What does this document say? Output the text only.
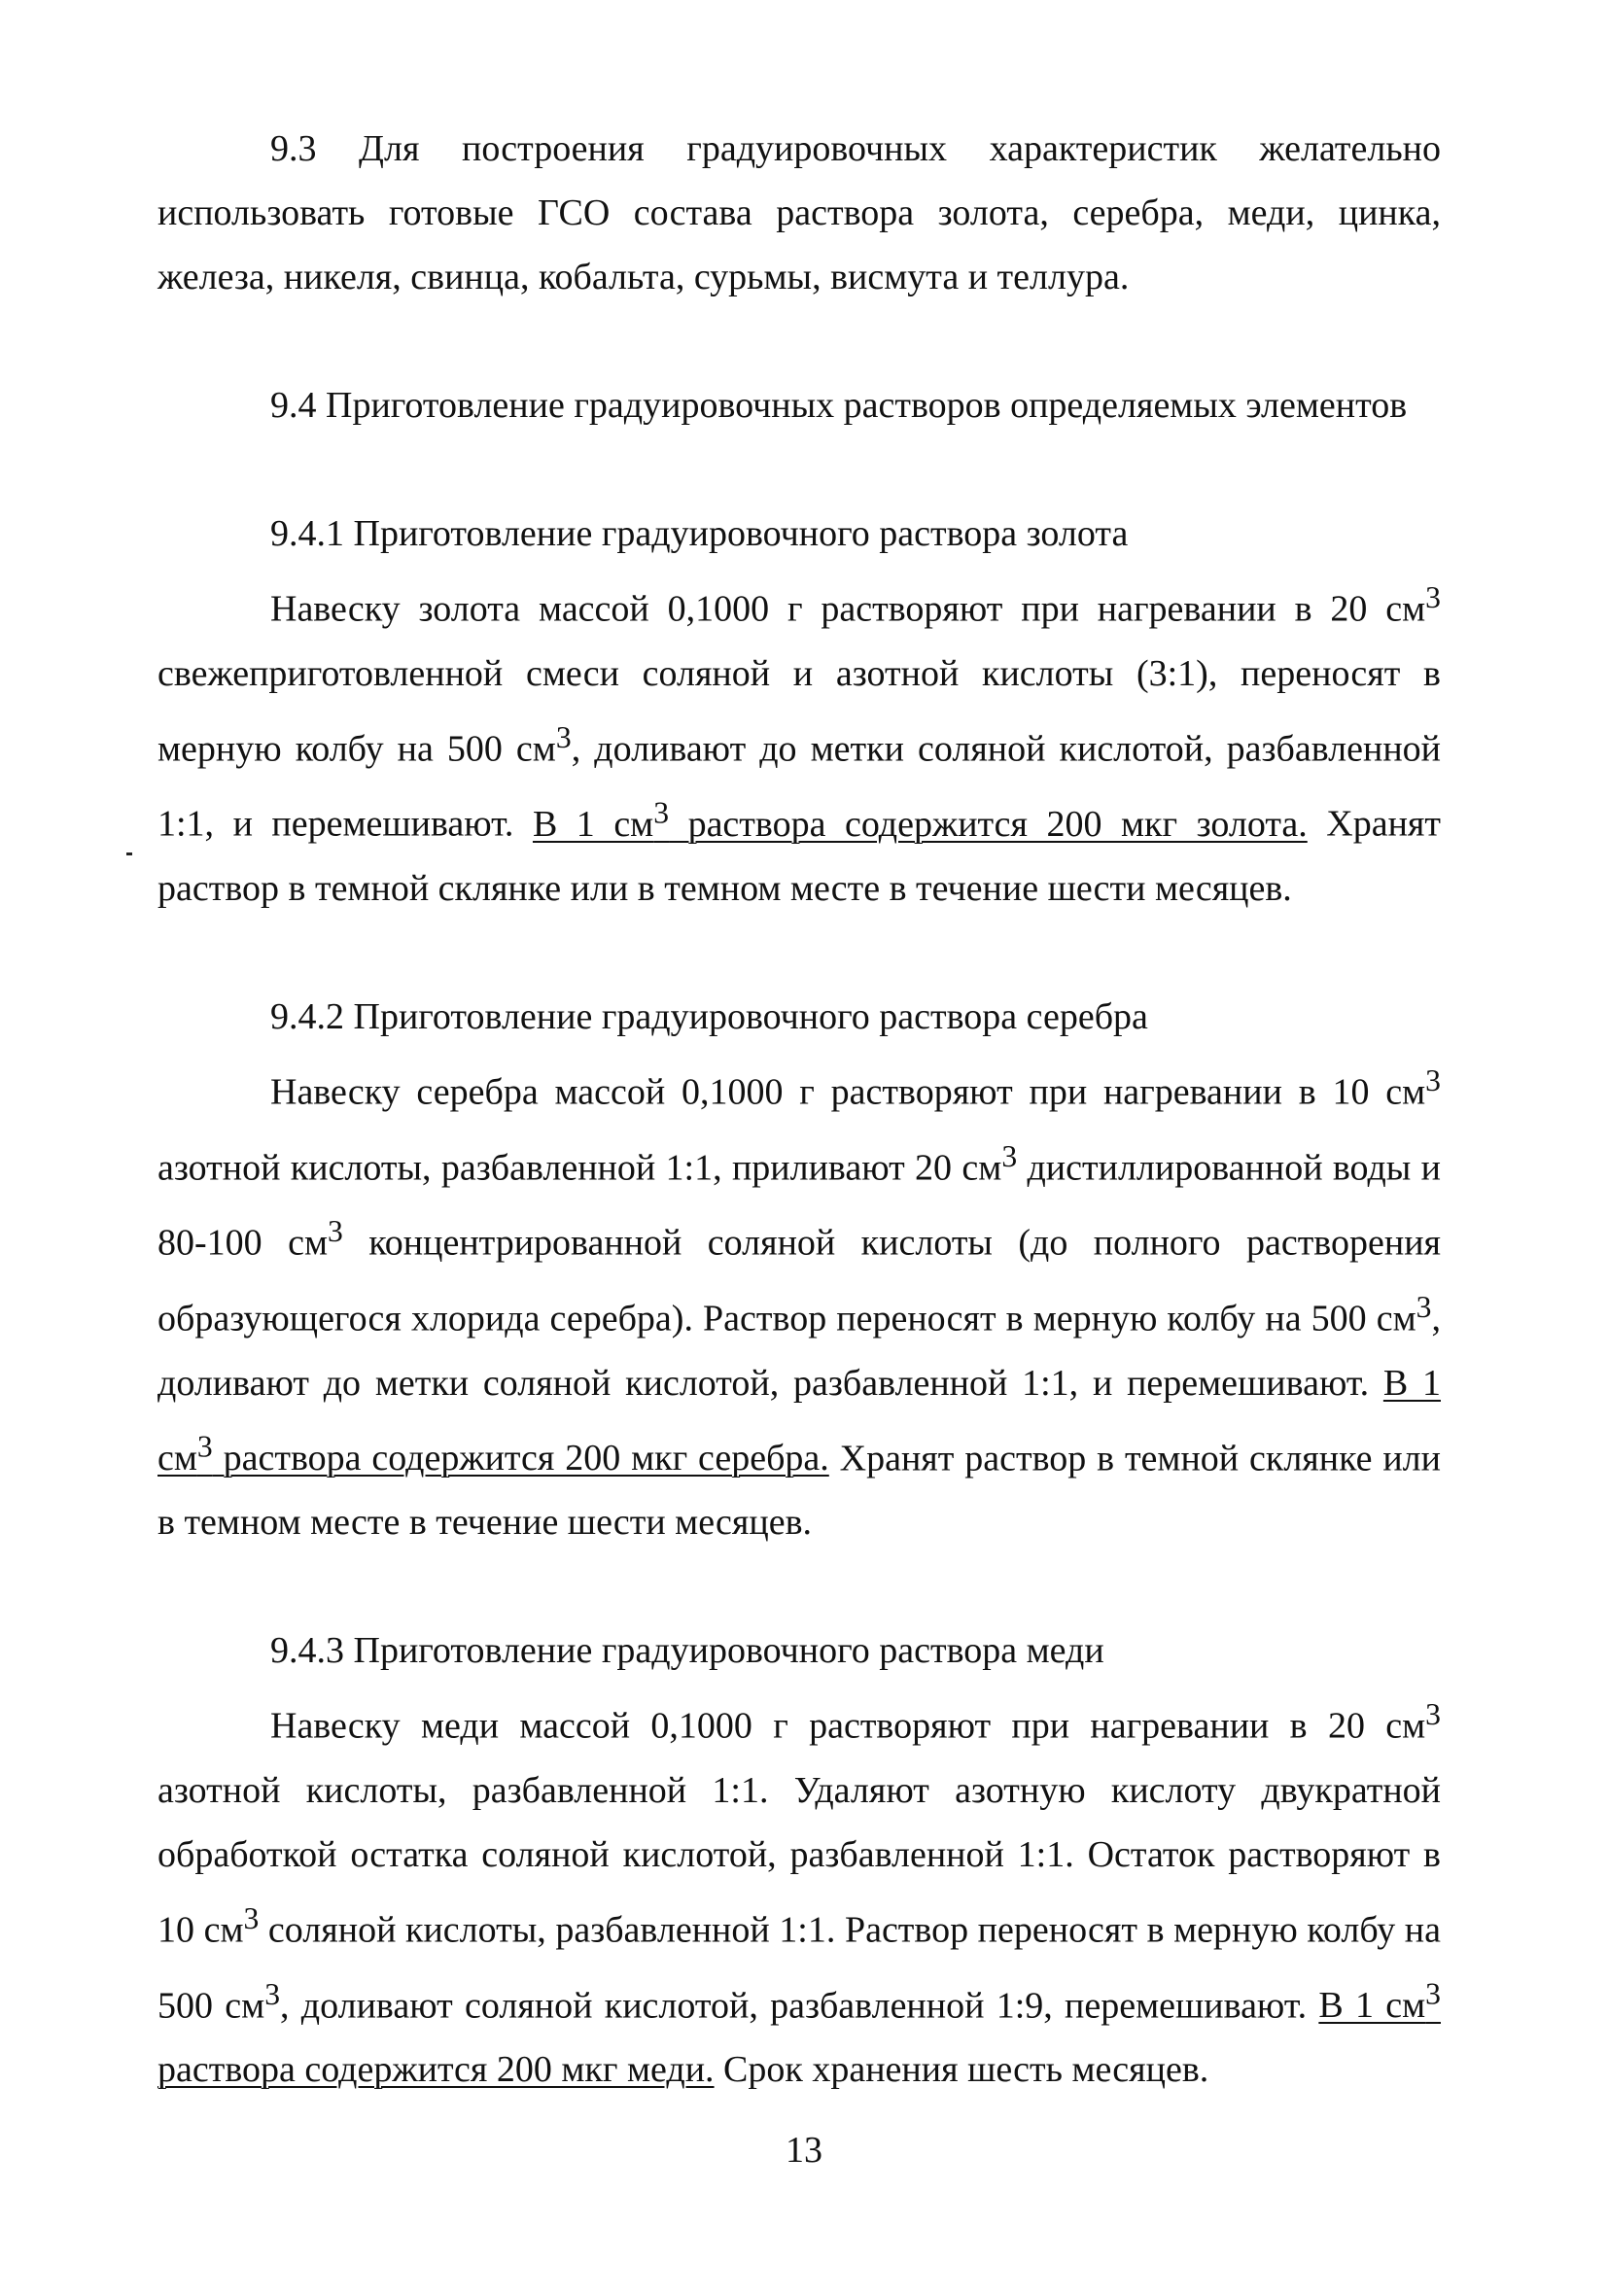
9.3 Для построения градуировочных характеристик желательно использовать готовые ГСО состава раствора золота, серебра, меди, цинка, железа, никеля, свинца, кобальта, сурьмы, висмута и теллура.

9.4 Приготовление градуировочных растворов определяемых элементов

9.4.1 Приготовление градуировочного раствора золота

Навеску золота массой 0,1000 г растворяют при нагревании в 20 $см^3$ свежеприготовленной смеси соляной и азотной кислоты (3:1), переносят в мерную колбу на 500 $см^3$, доливают до метки соляной кислотой, разбавленной 1:1, и перемешивают. В 1 $см^3$ раствора содержится 200 мкг золота. Хранят раствор в темной склянке или в темном месте в течение шести месяцев.

9.4.2 Приготовление градуировочного раствора серебра

Навеску серебра массой 0,1000 г растворяют при нагревании в 10 $см^3$ азотной кислоты, разбавленной 1:1, приливают 20 $см^3$ дистиллированной воды и 80-100 $см^3$ концентрированной соляной кислоты (до полного растворения образующегося хлорида серебра). Раствор переносят в мерную колбу на 500 $см^3$, доливают до метки соляной кислотой, разбавленной 1:1, и перемешивают. В 1 $см^3$ раствора содержится 200 мкг серебра. Хранят раствор в темной склянке или в темном месте в течение шести месяцев.

9.4.3 Приготовление градуировочного раствора меди

Навеску меди массой 0,1000 г растворяют при нагревании в 20 $см^3$ азотной кислоты, разбавленной 1:1. Удаляют азотную кислоту двукратной обработкой остатка соляной кислотой, разбавленной 1:1. Остаток растворяют в 10 $см^3$ соляной кислоты, разбавленной 1:1. Раствор переносят в мерную колбу на 500 $см^3$, доливают соляной кислотой, разбавленной 1:9, перемешивают. В 1 $см^3$ раствора содержится 200 мкг меди. Срок хранения шесть месяцев.

13
